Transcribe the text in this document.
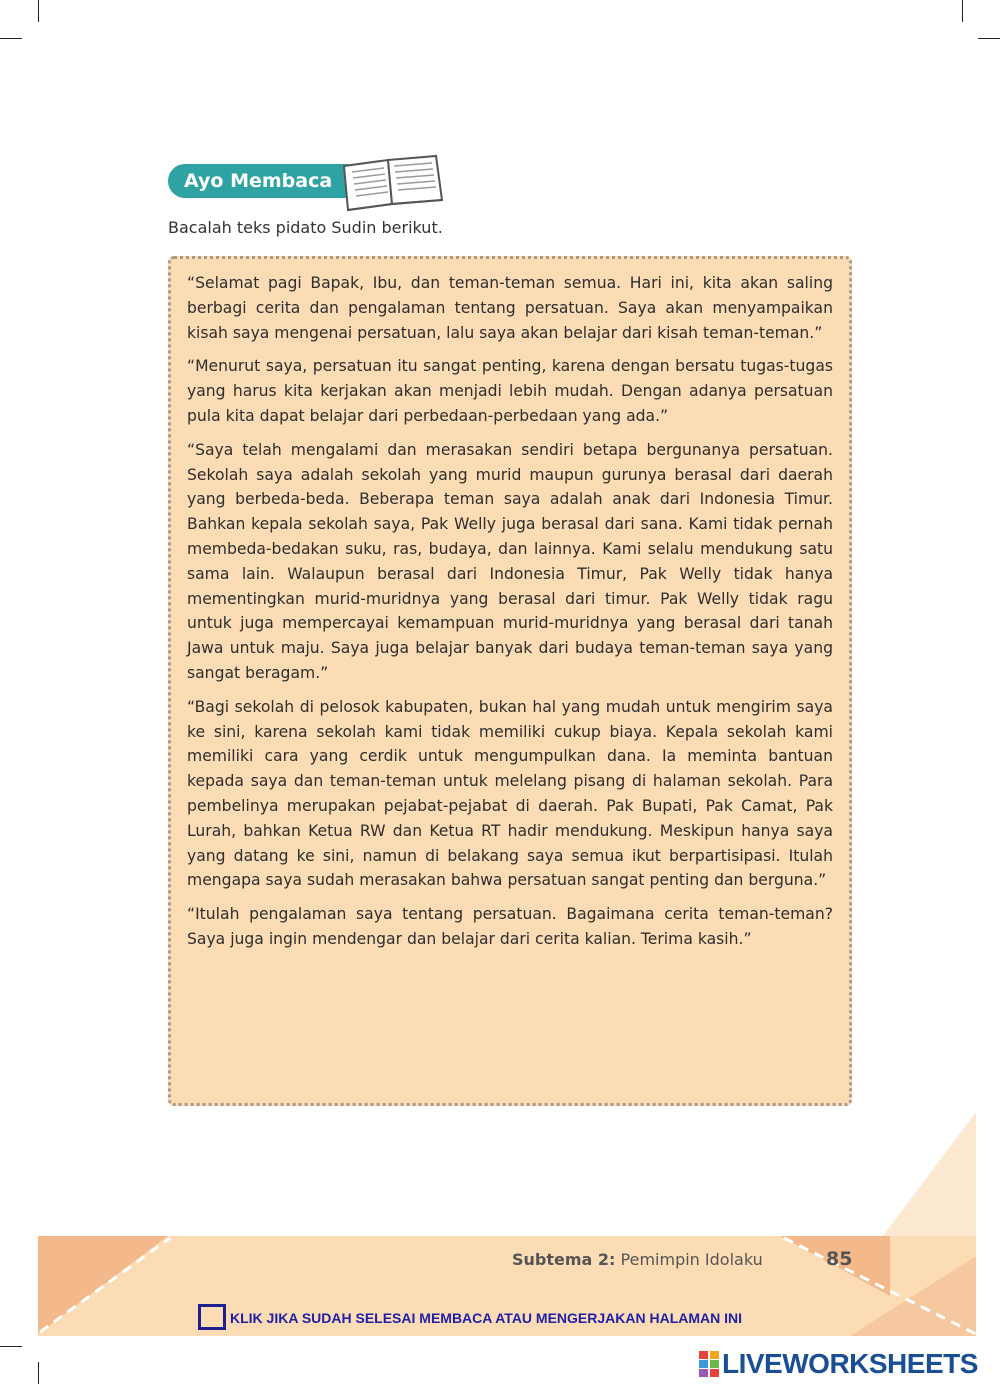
Ayo Membaca
Bacalah teks pidato Sudin berikut.

“Selamat pagi Bapak, Ibu, dan teman-teman semua. Hari ini, kita akan saling berbagi cerita dan pengalaman tentang persatuan. Saya akan menyampaikan kisah saya mengenai persatuan, lalu saya akan belajar dari kisah teman-teman.”

“Menurut saya, persatuan itu sangat penting, karena dengan bersatu tugas-tugas yang harus kita kerjakan akan menjadi lebih mudah. Dengan adanya persatuan pula kita dapat belajar dari perbedaan-perbedaan yang ada.”

“Saya telah mengalami dan merasakan sendiri betapa bergunanya persatuan. Sekolah saya adalah sekolah yang murid maupun gurunya berasal dari daerah yang berbeda-beda. Beberapa teman saya adalah anak dari Indonesia Timur. Bahkan kepala sekolah saya, Pak Welly juga berasal dari sana. Kami tidak pernah membeda-bedakan suku, ras, budaya, dan lainnya. Kami selalu mendukung satu sama lain. Walaupun berasal dari Indonesia Timur, Pak Welly tidak hanya mementingkan murid-muridnya yang berasal dari timur. Pak Welly tidak ragu untuk juga mempercayai kemampuan murid-muridnya yang berasal dari tanah Jawa untuk maju. Saya juga belajar banyak dari budaya teman-teman saya yang sangat beragam.”

“Bagi sekolah di pelosok kabupaten, bukan hal yang mudah untuk mengirim saya ke sini, karena sekolah kami tidak memiliki cukup biaya. Kepala sekolah kami memiliki cara yang cerdik untuk mengumpulkan dana. Ia meminta bantuan kepada saya dan teman-teman untuk melelang pisang di halaman sekolah. Para pembelinya merupakan pejabat-pejabat di daerah. Pak Bupati, Pak Camat, Pak Lurah, bahkan Ketua RW dan Ketua RT hadir mendukung. Meskipun hanya saya yang datang ke sini, namun di belakang saya semua ikut berpartisipasi. Itulah mengapa saya sudah merasakan bahwa persatuan sangat penting dan berguna.”

“Itulah pengalaman saya tentang persatuan. Bagaimana cerita teman-teman? Saya juga ingin mendengar dan belajar dari cerita kalian. Terima kasih.”

Subtema 2: Pemimpin Idolaku	85
KLIK JIKA SUDAH SELESAI MEMBACA ATAU MENGERJAKAN HALAMAN INI
LIVEWORKSHEETS
